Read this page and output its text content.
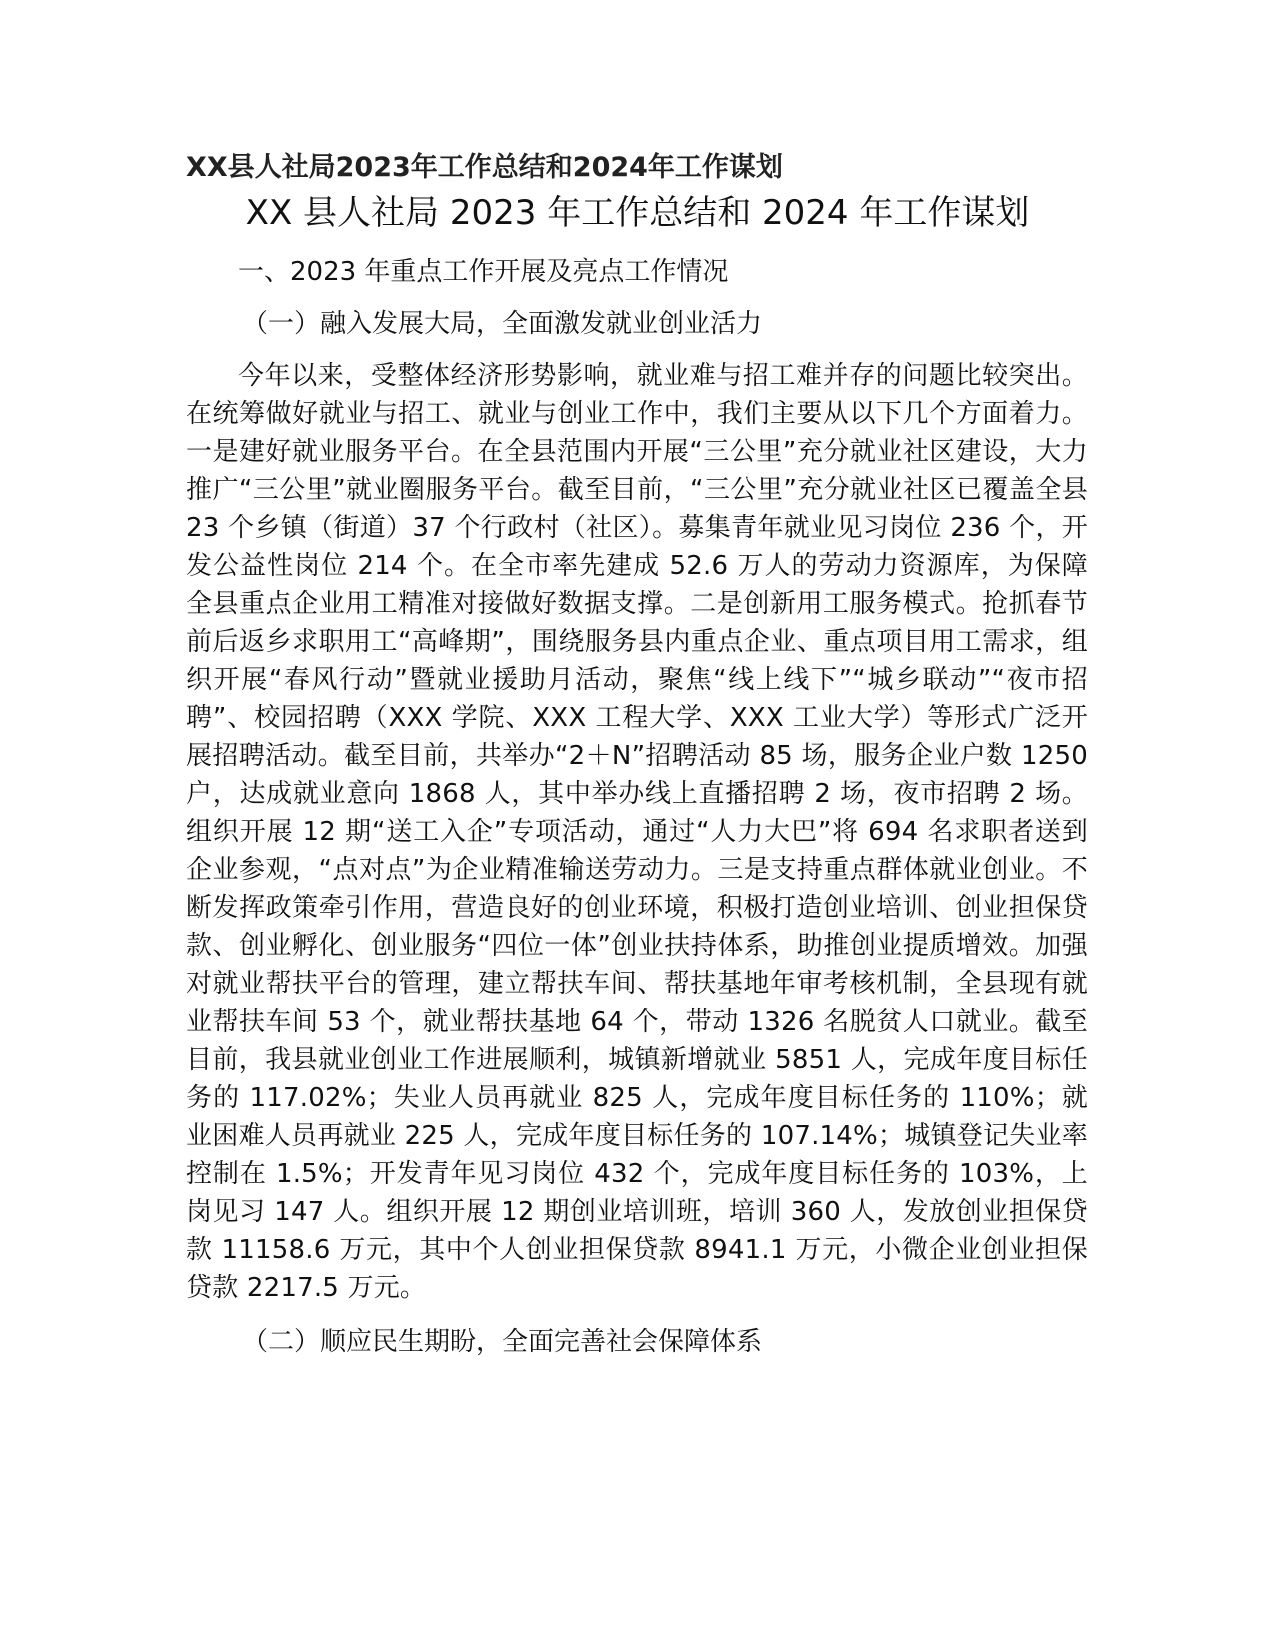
XX县人社局2023年工作总结和2024年工作谋划
XX 县人社局 2023 年工作总结和 2024 年工作谋划

一、2023 年重点工作开展及亮点工作情况

（一）融入发展大局，全面激发就业创业活力

今年以来，受整体经济形势影响，就业难与招工难并存的问题比较突出。在统筹做好就业与招工、就业与创业工作中，我们主要从以下几个方面着力。一是建好就业服务平台。在全县范围内开展“三公里”充分就业社区建设，大力推广“三公里”就业圈服务平台。截至目前，“三公里”充分就业社区已覆盖全县 23 个乡镇（街道）37 个行政村（社区）。募集青年就业见习岗位 236 个，开发公益性岗位 214 个。在全市率先建成 52.6 万人的劳动力资源库，为保障全县重点企业用工精准对接做好数据支撑。二是创新用工服务模式。抢抓春节前后返乡求职用工“高峰期”，围绕服务县内重点企业、重点项目用工需求，组织开展“春风行动”暨就业援助月活动，聚焦“线上线下”“城乡联动”“夜市招聘”、校园招聘（XXX 学院、XXX 工程大学、XXX 工业大学）等形式广泛开展招聘活动。截至目前，共举办“2＋N”招聘活动 85 场，服务企业户数 1250 户，达成就业意向 1868 人，其中举办线上直播招聘 2 场，夜市招聘 2 场。组织开展 12 期“送工入企”专项活动，通过“人力大巴”将 694 名求职者送到企业参观，“点对点”为企业精准输送劳动力。三是支持重点群体就业创业。不断发挥政策牵引作用，营造良好的创业环境，积极打造创业培训、创业担保贷款、创业孵化、创业服务“四位一体”创业扶持体系，助推创业提质增效。加强对就业帮扶平台的管理，建立帮扶车间、帮扶基地年审考核机制，全县现有就业帮扶车间 53 个，就业帮扶基地 64 个，带动 1326 名脱贫人口就业。截至目前，我县就业创业工作进展顺利，城镇新增就业 5851 人，完成年度目标任务的 117.02%；失业人员再就业 825 人，完成年度目标任务的 110%；就业困难人员再就业 225 人，完成年度目标任务的 107.14%；城镇登记失业率控制在 1.5%；开发青年见习岗位 432 个，完成年度目标任务的 103%，上岗见习 147 人。组织开展 12 期创业培训班，培训 360 人，发放创业担保贷款 11158.6 万元，其中个人创业担保贷款 8941.1 万元，小微企业创业担保贷款 2217.5 万元。

（二）顺应民生期盼，全面完善社会保障体系
